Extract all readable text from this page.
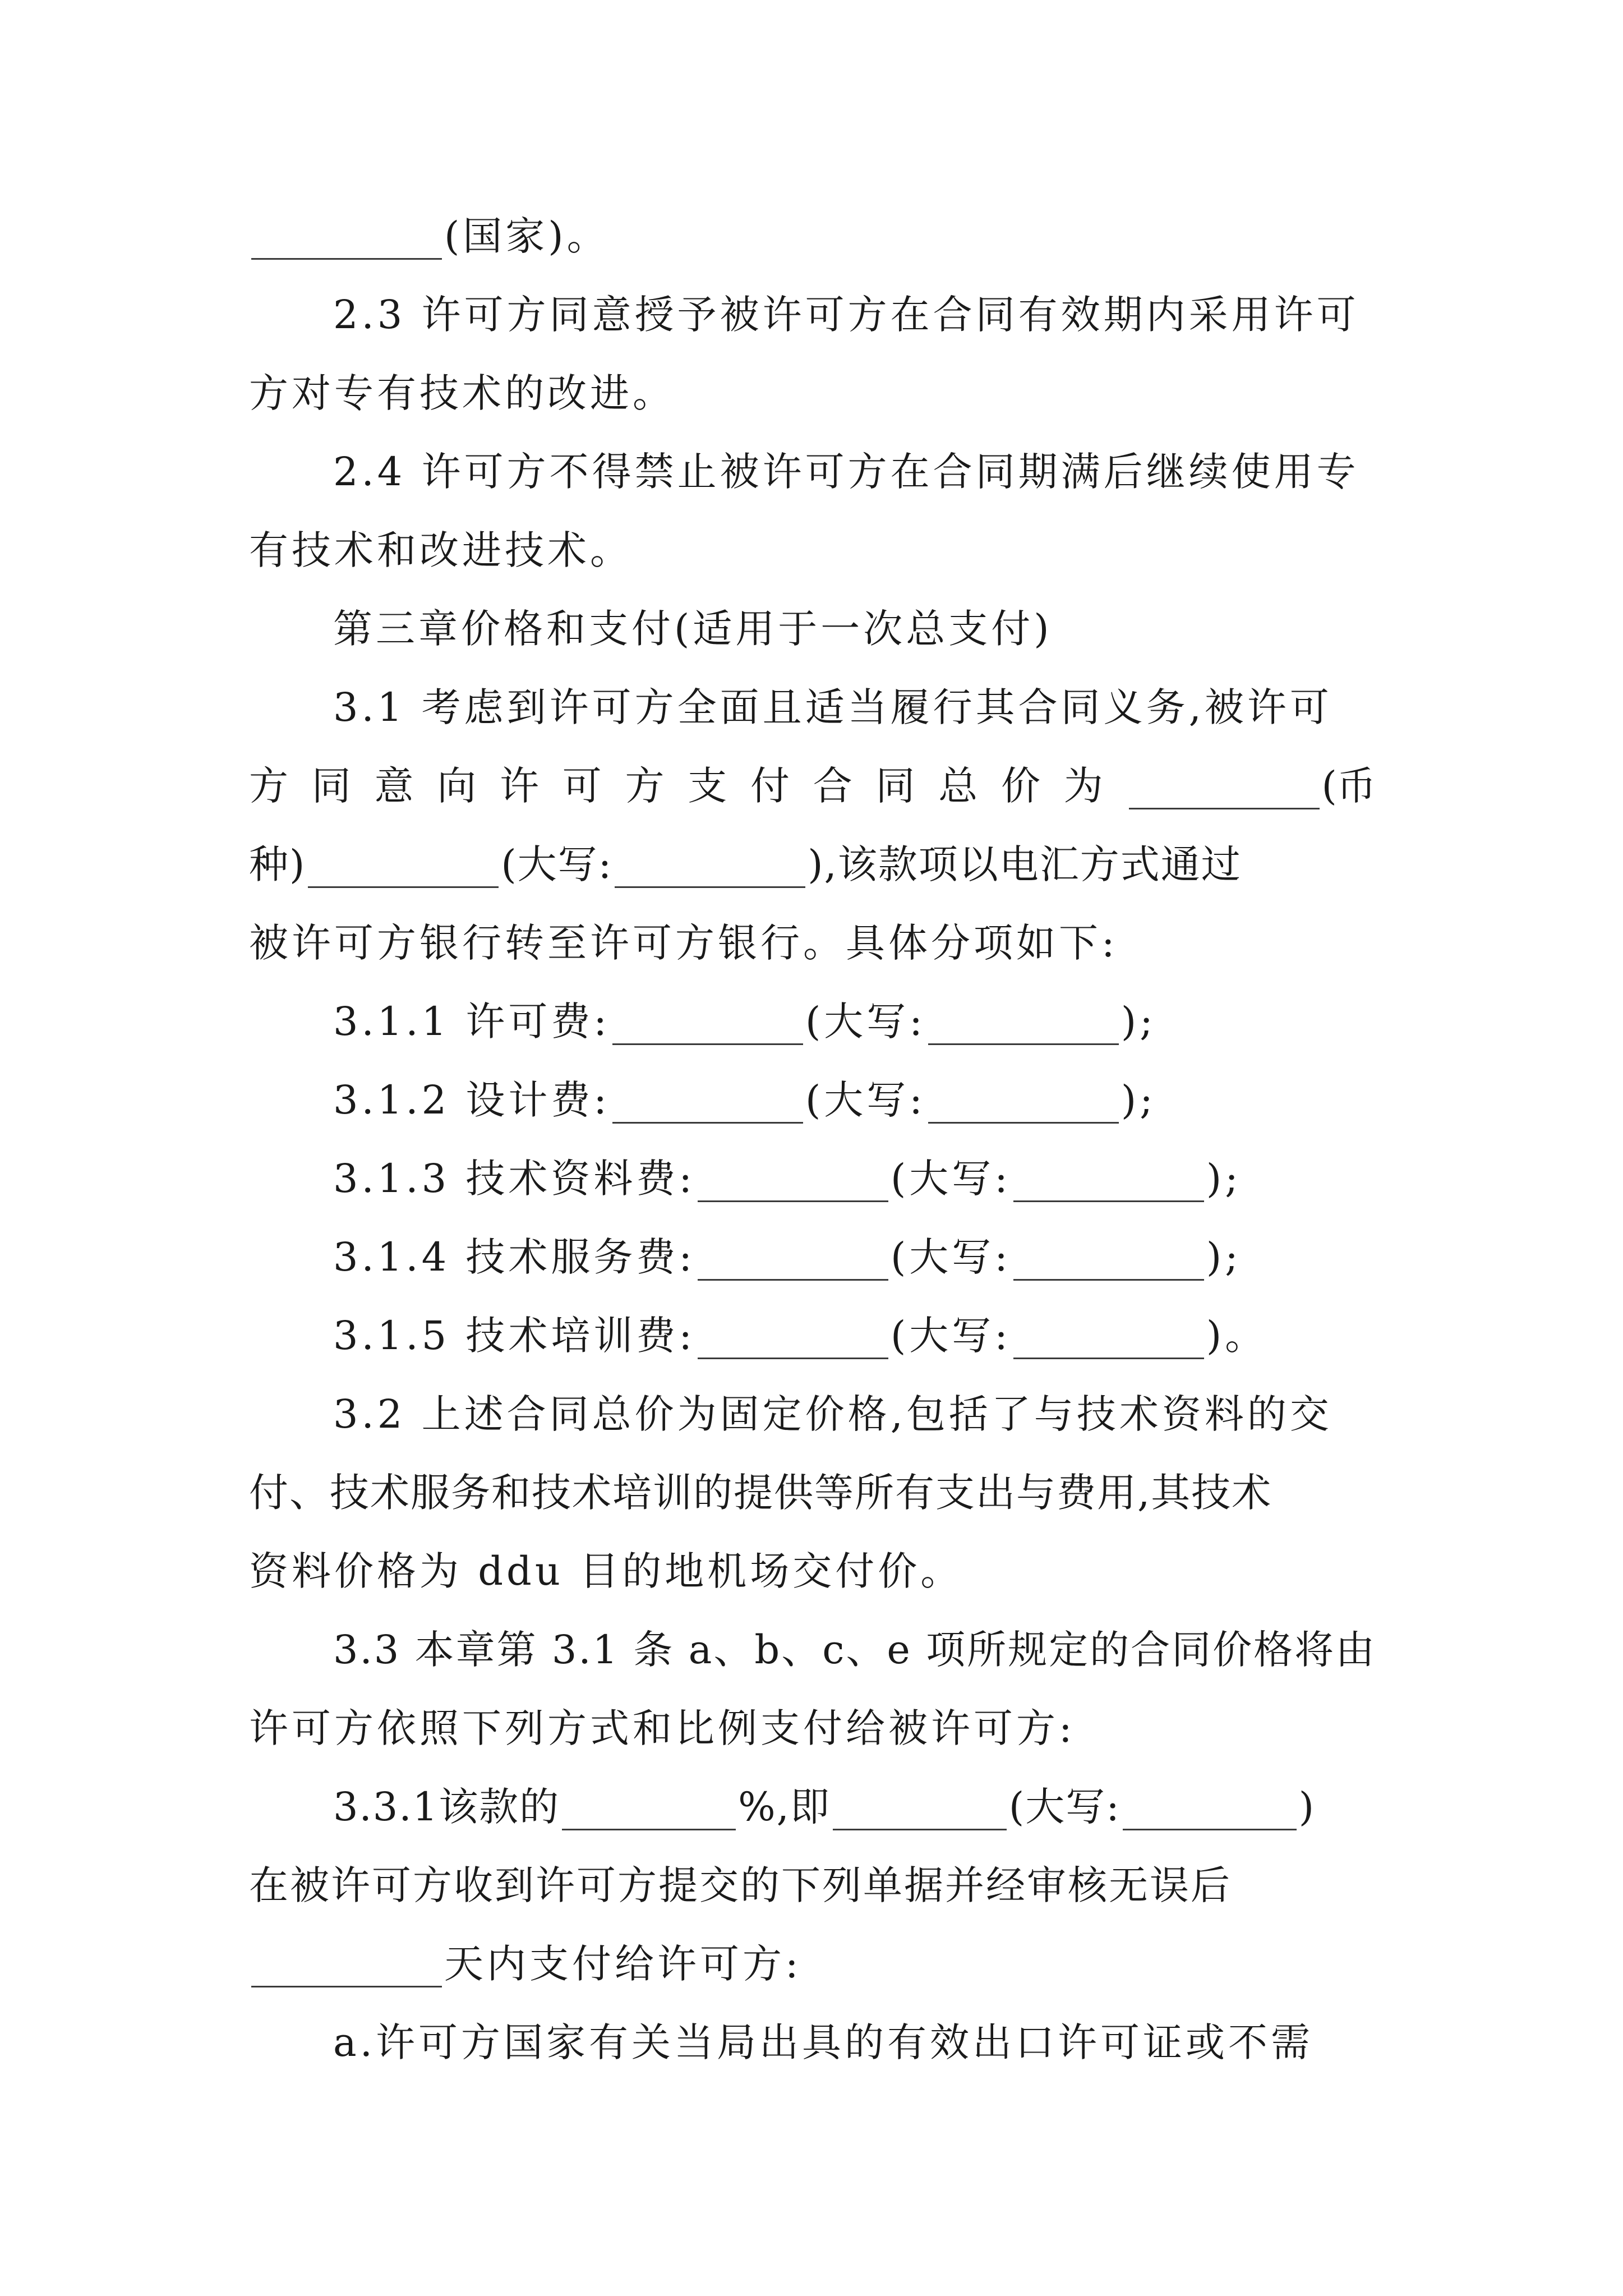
(国家)。
2.3 许可方同意授予被许可方在合同有效期内采用许可
方对专有技术的改进。
2.4 许可方不得禁止被许可方在合同期满后继续使用专
有技术和改进技术。
第三章价格和支付(适用于一次总支付)
3.1 考虑到许可方全面且适当履行其合同义务,被许可
方 同 意 向 许 可 方 支 付 合 同 总 价 为	(币
种)	(大写:	),该款项以电汇方式通过
被许可方银行转至许可方银行。具体分项如下:
3.1.1 许可费:	(大写:	);
3.1.2 设计费:	(大写:	);
3.1.3 技术资料费:	(大写:	);
3.1.4 技术服务费:	(大写:	);
3.1.5 技术培训费:	(大写:	)。
3.2 上述合同总价为固定价格,包括了与技术资料的交
付、技术服务和技术培训的提供等所有支出与费用,其技术
资料价格为 ddu 目的地机场交付价。
3.3 本章第 3.1 条 a、b、c、e 项所规定的合同价格将由
许可方依照下列方式和比例支付给被许可方:
3.3.1该款的	%,即	(大写:	)
在被许可方收到许可方提交的下列单据并经审核无误后
天内支付给许可方:
a.许可方国家有关当局出具的有效出口许可证或不需
